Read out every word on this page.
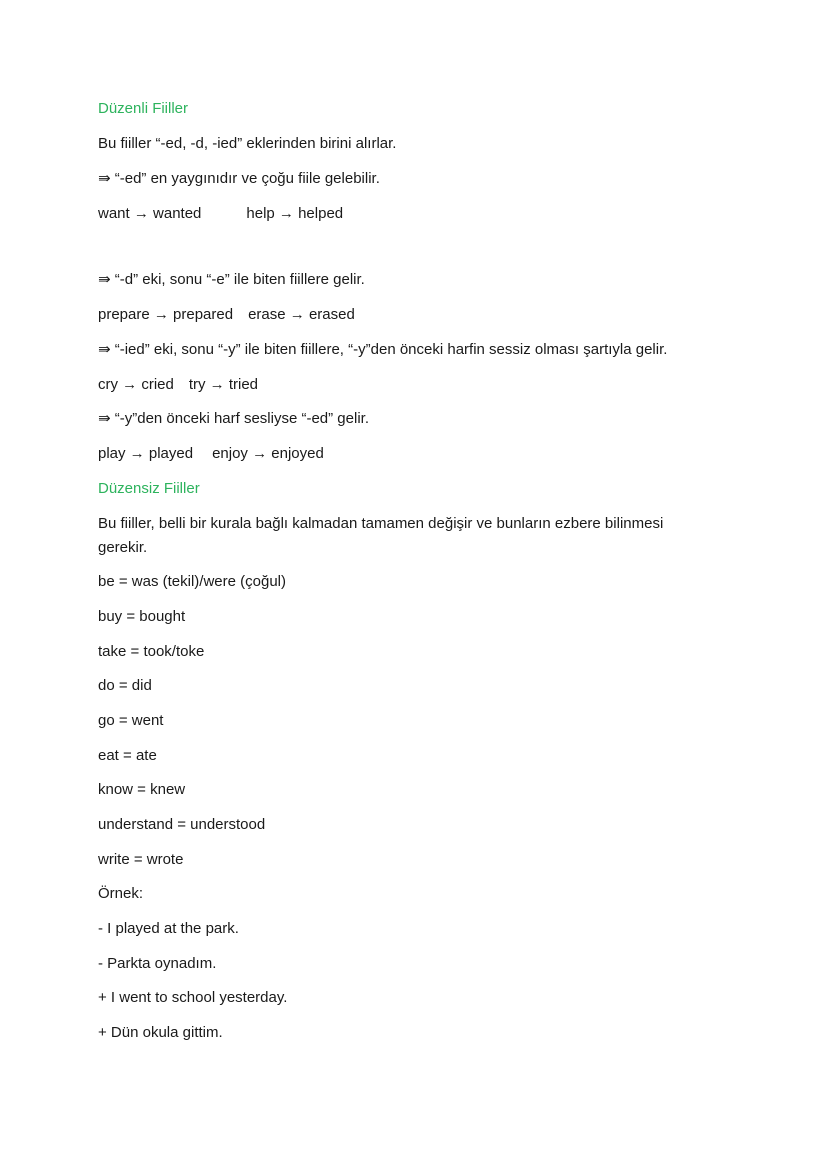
Düzenli Fiiller
Bu fiiller “-ed, -d, -ied” eklerinden birini alırlar.
⇛ “-ed” en yaygınıdır ve çoğu fiile gelebilir.
want → wanted	help → helped
⇛ “-d” eki, sonu “-e” ile biten fiillere gelir.
prepare → prepared erase → erased
⇛ “-ied” eki, sonu “-y” ile biten fiillere, “-y”den önceki harfin sessiz olması şartıyla gelir.
cry → cried try → tried
⇛ “-y”den önceki harf sesliyse “-ed” gelir.
play → played enjoy → enjoyed
Düzensiz Fiiller
Bu fiiller, belli bir kurala bağlı kalmadan tamamen değişir ve bunların ezbere bilinmesi gerekir.
be = was (tekil)/were (çoğul)
buy = bought
take = took/toke
do = did
go = went
eat = ate
know = knew
understand = understood
write = wrote
Örnek:
- I played at the park.
- Parkta oynadım.
+ I went to school yesterday.
+ Dün okula gittim.
